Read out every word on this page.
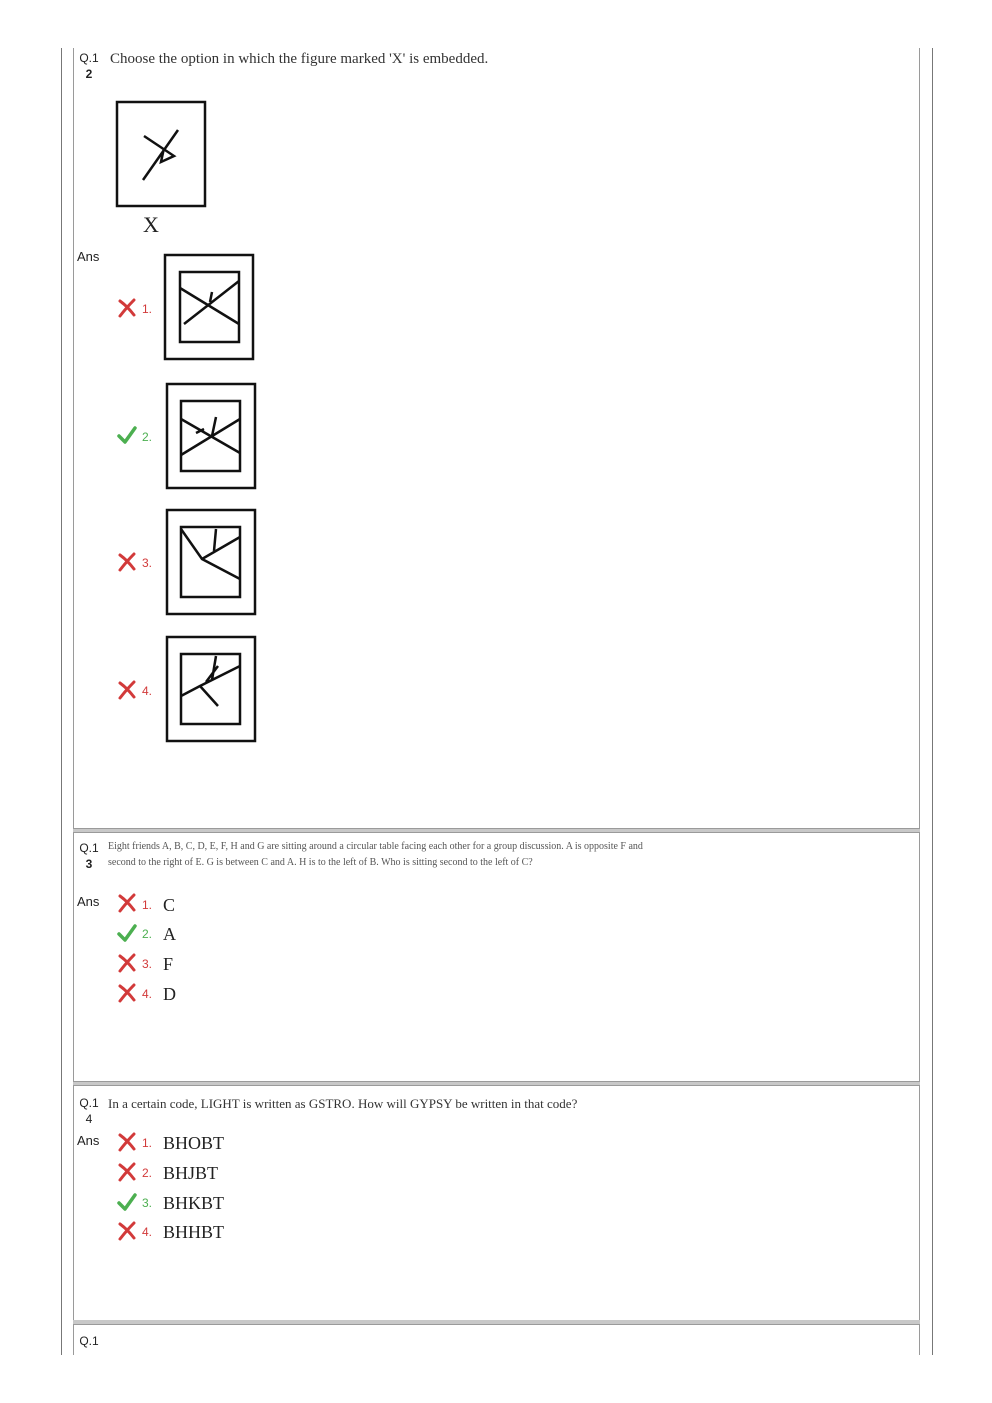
Q.1
2
Choose the option in which the figure marked 'X' is embedded.
X
Ans
1.
2.
3.
4.
Q.1
3
Eight friends A, B, C, D, E, F, H and G are sitting around a circular table facing each other for a group discussion. A is opposite F and second to the right of E. G is between C and A. H is to the left of B. Who is sitting second to the left of C?
Ans	1. C
2. A
3. F
4. D
Q.1
4
In a certain code, LIGHT is written as GSTRO. How will GYPSY be written in that code?
Ans	1. BHOBT
2. BHJBT
3. BHKBT
4. BHHBT
Q.1
